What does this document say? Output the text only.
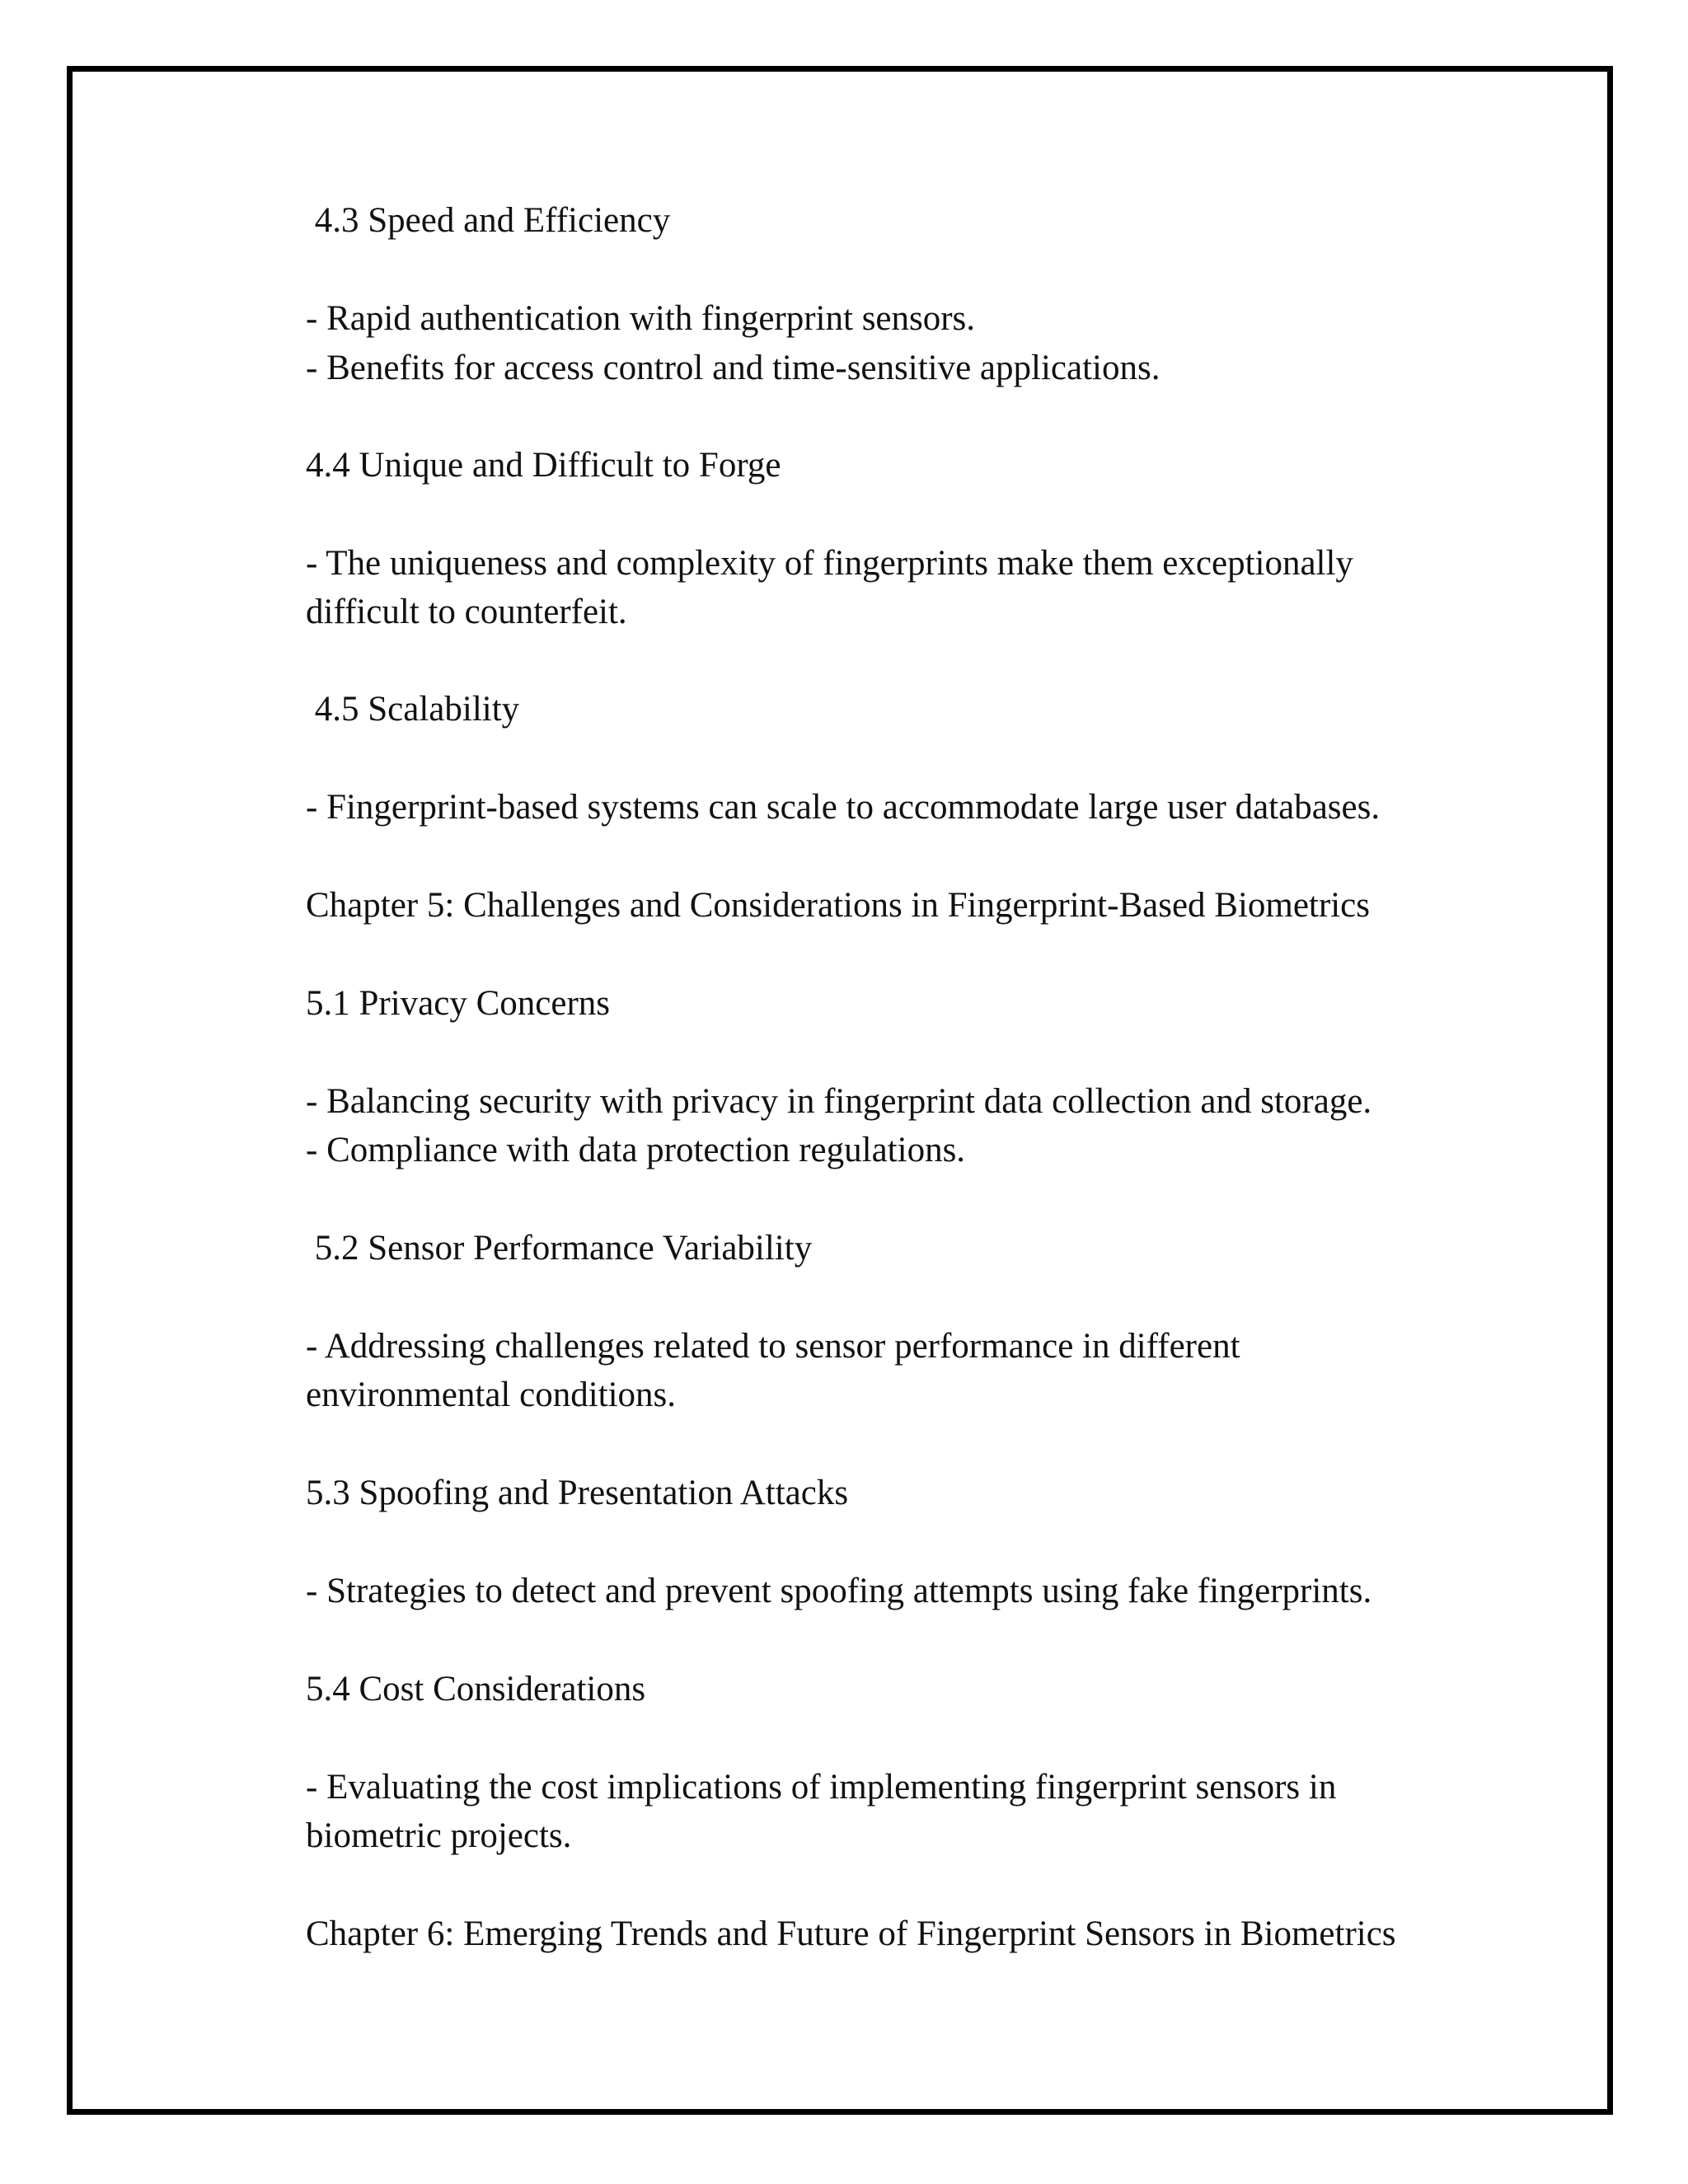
4.3 Speed and Efficiency

- Rapid authentication with fingerprint sensors.

- Benefits for access control and time-sensitive applications.

4.4 Unique and Difficult to Forge

- The uniqueness and complexity of fingerprints make them exceptionally

difficult to counterfeit.

4.5 Scalability

- Fingerprint-based systems can scale to accommodate large user databases.

Chapter 5: Challenges and Considerations in Fingerprint-Based Biometrics

5.1 Privacy Concerns

- Balancing security with privacy in fingerprint data collection and storage.

- Compliance with data protection regulations.

5.2 Sensor Performance Variability

- Addressing challenges related to sensor performance in different

environmental conditions.

5.3 Spoofing and Presentation Attacks

- Strategies to detect and prevent spoofing attempts using fake fingerprints.

5.4 Cost Considerations

- Evaluating the cost implications of implementing fingerprint sensors in

biometric projects.

Chapter 6: Emerging Trends and Future of Fingerprint Sensors in Biometrics
